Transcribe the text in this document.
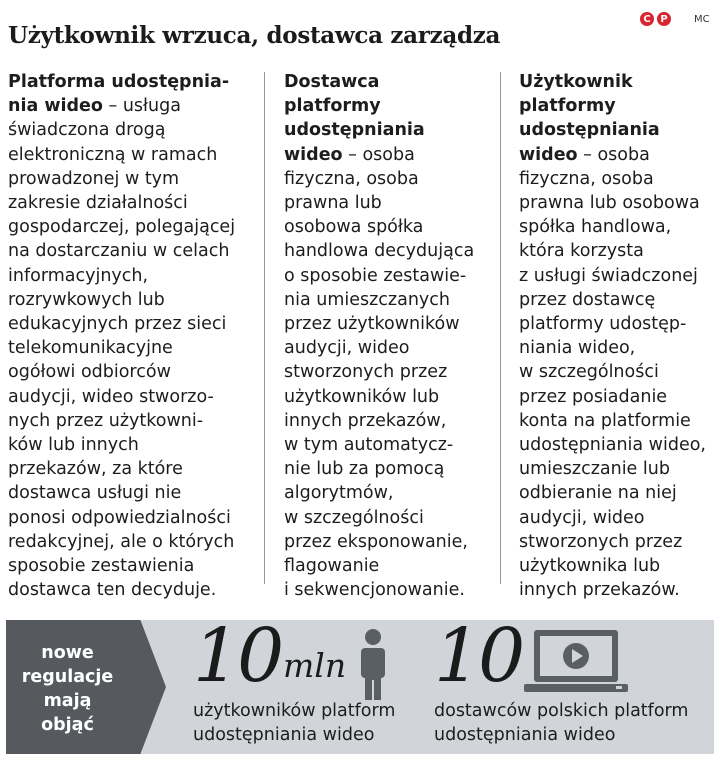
Użytkownik wrzuca, dostawca zarządza
C P	MC
Platforma udostępnia-
nia wideo – usługa
świadczona drogą
elektroniczną w ramach
prowadzonej w tym
zakresie działalności
gospodarczej, polegającej
na dostarczaniu w celach
informacyjnych,
rozrywkowych lub
edukacyjnych przez sieci
telekomunikacyjne
ogółowi odbiorców
audycji, wideo stworzo-
nych przez użytkowni-
ków lub innych
przekazów, za które
dostawca usługi nie
ponosi odpowiedzialności
redakcyjnej, ale o których
sposobie zestawienia
dostawca ten decyduje.
Dostawca
platformy
udostępniania
wideo – osoba
fizyczna, osoba
prawna lub
osobowa spółka
handlowa decydująca
o sposobie zestawie-
nia umieszczanych
przez użytkowników
audycji, wideo
stworzonych przez
użytkowników lub
innych przekazów,
w tym automatycz-
nie lub za pomocą
algorytmów,
w szczególności
przez eksponowanie,
flagowanie
i sekwencjonowanie.
Użytkownik
platformy
udostępniania
wideo – osoba
fizyczna, osoba
prawna lub osobowa
spółka handlowa,
która korzysta
z usługi świadczonej
przez dostawcę
platformy udostęp-
niania wideo,
w szczególności
przez posiadanie
konta na platformie
udostępniania wideo,
umieszczanie lub
odbieranie na niej
audycji, wideo
stworzonych przez
użytkownika lub
innych przekazów.
nowe
regulacje
mają
objąć
10 mln
użytkowników platform
udostępniania wideo
10
dostawców polskich platform
udostępniania wideo
